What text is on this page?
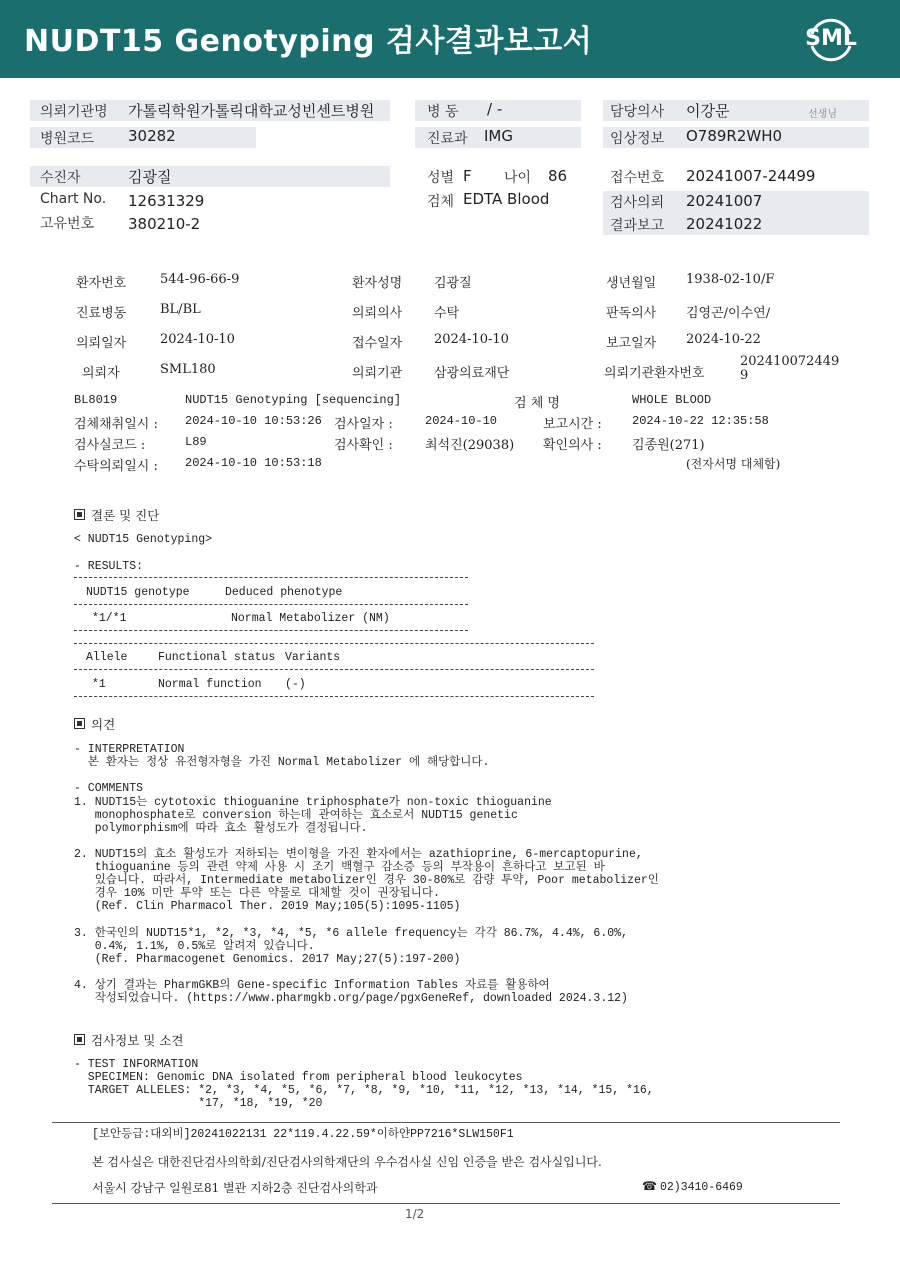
NUDT15 Genotyping 검사결과보고서	SML
의뢰기관명 가톨릭학원가톨릭대학교성빈센트병원
병원코드 30282
병 동 / -
진료과 IMG
담당의사 이강문	선생님
임상정보 O789R2WH0
수진자	김광질
Chart No. 12631329
고유번호 380210-2
성별 F 나이 86
검체 EDTA Blood
접수번호 20241007-24499
검사의뢰 20241007
결과보고 20241022
환자번호	544-96-66-9	환자성명 김광질	생년월일 1938-02-10/F
진료병동	BL/BL	의뢰의사 수탁	판독의사 김영곤/이수연/
의뢰일자	2024-10-10	접수일자 2024-10-10	보고일자 2024-10-22
의뢰자	SML180	의뢰기관 삼광의료재단	의뢰기관환자번호
202410072449
9
BL8019	NUDT15 Genotyping [sequencing]	검 체 명	WHOLE BLOOD
검체채취일시 : 2024-10-10 10:53:26 검사일자 :	2024-10-10	보고시간 :	2024-10-22 12:35:58
검사실코드 :	L89	검사확인 : 최석진(29038) 확인의사 : 김종원(271)
수탁의뢰일시 : 2024-10-10 10:53:18	(전자서명 대체함)
결론 및 진단
< NUDT15 Genotyping>
- RESULTS:
NUDT15 genotype	Deduced phenotype
*1/*1	Normal Metabolizer (NM)
Allele	Functional status Variants
*1	Normal function (-)
의견
- INTERPRETATION
본 환자는 정상 유전형자형을 가진 Normal Metabolizer 에 해당합니다.
- COMMENTS
1. NUDT15는 cytotoxic thioguanine triphosphate가 non-toxic thioguanine
monophosphate로 conversion 하는데 관여하는 효소로서 NUDT15 genetic
polymorphism에 따라 효소 활성도가 결정됩니다.
2. NUDT15의 효소 활성도가 저하되는 변이형을 가진 환자에서는 azathioprine, 6-mercaptopurine,
thioguanine 등의 관련 약제 사용 시 조기 백혈구 감소증 등의 부작용이 흔하다고 보고된 바
있습니다. 따라서, Intermediate metabolizer인 경우 30-80%로 감량 투약, Poor metabolizer인
경우 10% 미만 투약 또는 다른 약물로 대체할 것이 권장됩니다.
(Ref. Clin Pharmacol Ther. 2019 May;105(5):1095-1105)
3. 한국인의 NUDT15*1, *2, *3, *4, *5, *6 allele frequency는 각각 86.7%, 4.4%, 6.0%,
0.4%, 1.1%, 0.5%로 알려져 있습니다.
(Ref. Pharmacogenet Genomics. 2017 May;27(5):197-200)
4. 상기 결과는 PharmGKB의 Gene-specific Information Tables 자료를 활용하여
작성되었습니다. (https://www.pharmgkb.org/page/pgxGeneRef, downloaded 2024.3.12)
검사정보 및 소견
- TEST INFORMATION
SPECIMEN: Genomic DNA isolated from peripheral blood leukocytes
TARGET ALLELES: *2, *3, *4, *5, *6, *7, *8, *9, *10, *11, *12, *13, *14, *15, *16,
*17, *18, *19, *20
[보안등급:대외비]20241022131 22*119.4.22.59*이하얀PP7216*SLW150F1
본 검사실은 대한진단검사의학회/진단검사의학재단의 우수검사실 신임 인증을 받은 검사실입니다.
서울시 강남구 일원로81 별관 지하2층 진단검사의학과	☎ 02)3410-6469
1/2
